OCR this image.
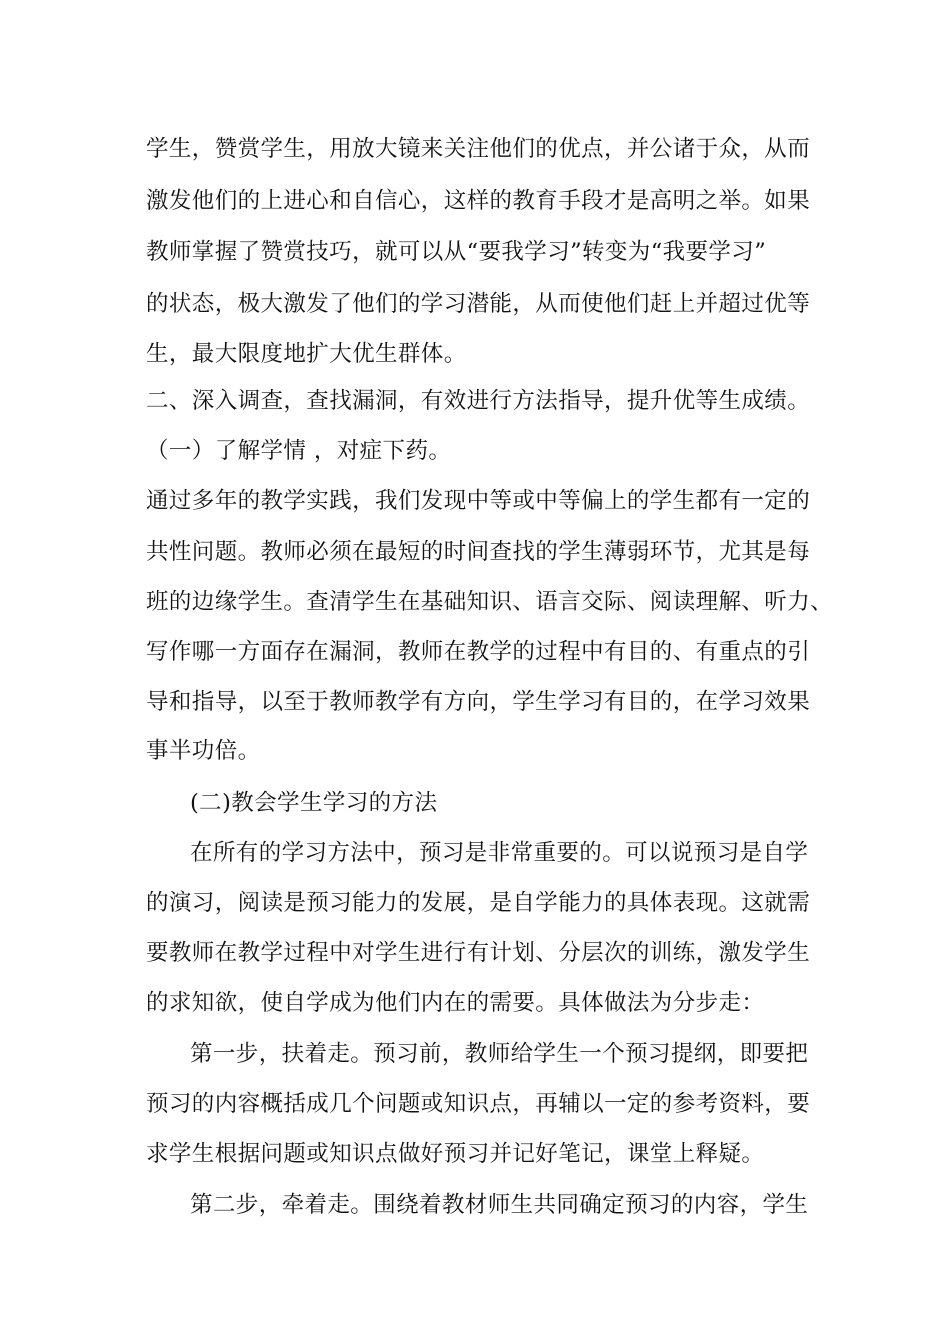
学生，赞赏学生，用放大镜来关注他们的优点，并公诸于众，从而
激发他们的上进心和自信心，这样的教育手段才是高明之举。如果
教师掌握了赞赏技巧，就可以从“要我学习”转变为“我要学习”
的状态，极大激发了他们的学习潜能，从而使他们赶上并超过优等
生，最大限度地扩大优生群体。
二、深入调查，查找漏洞，有效进行方法指导，提升优等生成绩。
（一）了解学情 ，对症下药。
通过多年的教学实践，我们发现中等或中等偏上的学生都有一定的
共性问题。教师必须在最短的时间查找的学生薄弱环节，尤其是每
班的边缘学生。查清学生在基础知识、语言交际、阅读理解、听力、
写作哪一方面存在漏洞，教师在教学的过程中有目的、有重点的引
导和指导，以至于教师教学有方向，学生学习有目的，在学习效果
事半功倍。
(二)教会学生学习的方法
在所有的学习方法中，预习是非常重要的。可以说预习是自学
的演习，阅读是预习能力的发展，是自学能力的具体表现。这就需
要教师在教学过程中对学生进行有计划、分层次的训练，激发学生
的求知欲，使自学成为他们内在的需要。具体做法为分步走：
第一步，扶着走。预习前，教师给学生一个预习提纲，即要把
预习的内容概括成几个问题或知识点，再辅以一定的参考资料，要
求学生根据问题或知识点做好预习并记好笔记，课堂上释疑。
第二步，牵着走。围绕着教材师生共同确定预习的内容，学生
